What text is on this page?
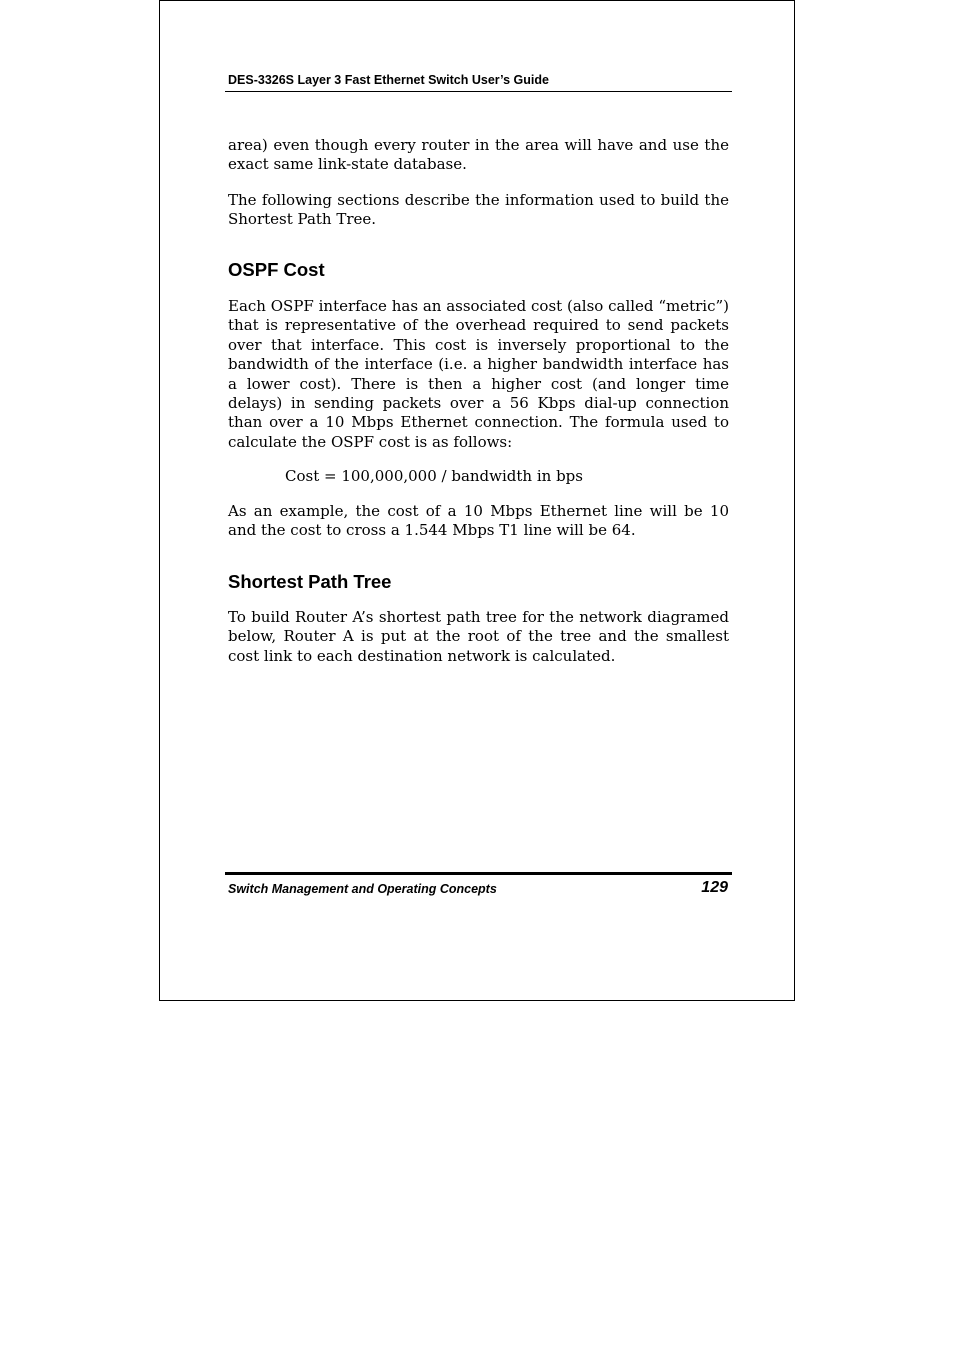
DES-3326S Layer 3 Fast Ethernet Switch User’s Guide

area) even though every router in the area will have and use the exact same link-state database.

The following sections describe the information used to build the Shortest Path Tree.

OSPF Cost

Each OSPF interface has an associated cost (also called “metric”) that is representative of the overhead required to send packets over that interface. This cost is inversely proportional to the bandwidth of the interface (i.e. a higher bandwidth interface has a lower cost). There is then a higher cost (and longer time delays) in sending packets over a 56 Kbps dial-up connection than over a 10 Mbps Ethernet connection. The formula used to calculate the OSPF cost is as follows:

Cost = 100,000,000 / bandwidth in bps

As an example, the cost of a 10 Mbps Ethernet line will be 10 and the cost to cross a 1.544 Mbps T1 line will be 64.

Shortest Path Tree

To build Router A’s shortest path tree for the network diagramed below, Router A is put at the root of the tree and the smallest cost link to each destination network is calculated.

Switch Management and Operating Concepts	129
